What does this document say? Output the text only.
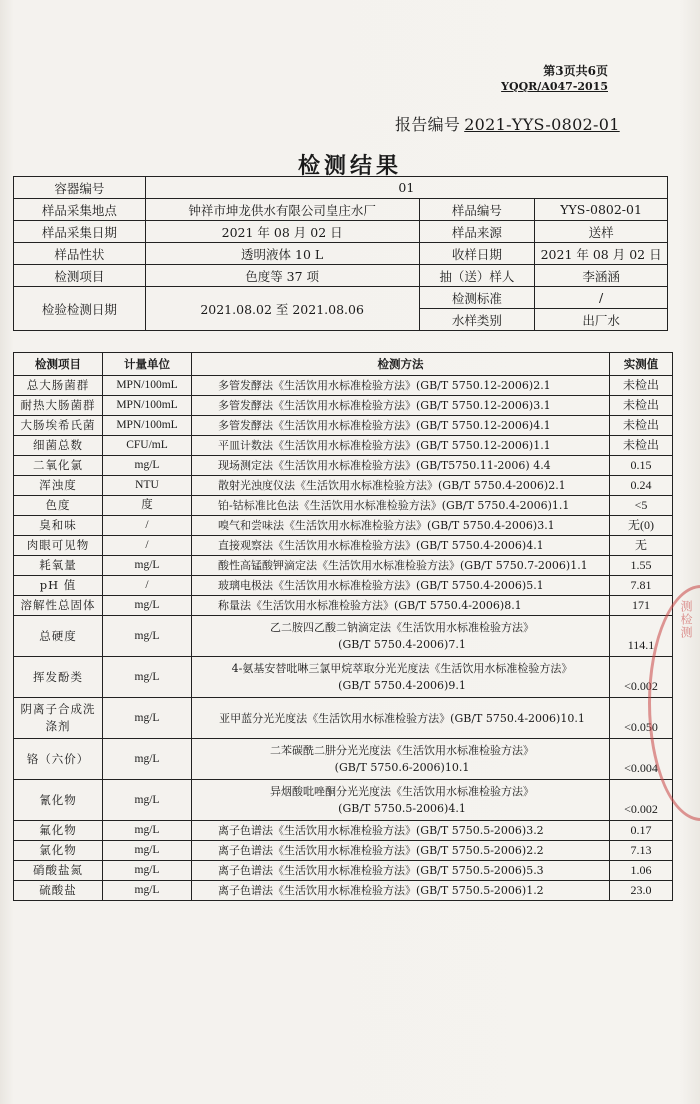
第3页共6页
YQQR/A047-2015
报告编号 2021-YYS-0802-01
检测结果
容器编号	01		
样品采集地点	钟祥市坤龙供水有限公司皇庄水厂	样品编号	YYS-0802-01
样品采集日期	2021 年 08 月 02 日	样品来源	送样
样品性状	透明液体 10 L	收样日期	2021 年 08 月 02 日
检测项目	色度等 37 项	抽（送）样人	李涵涵
检验检测日期	2021.08.02 至 2021.08.06	检测标准	/
		水样类别	出厂水
检测项目	计量单位	检测方法	实测值
总大肠菌群	MPN/100mL	多管发酵法《生活饮用水标准检验方法》(GB/T 5750.12-2006)2.1	未检出
耐热大肠菌群	MPN/100mL	多管发酵法《生活饮用水标准检验方法》(GB/T 5750.12-2006)3.1	未检出
大肠埃希氏菌	MPN/100mL	多管发酵法《生活饮用水标准检验方法》(GB/T 5750.12-2006)4.1	未检出
细菌总数	CFU/mL	平皿计数法《生活饮用水标准检验方法》(GB/T 5750.12-2006)1.1	未检出
二氧化氯	mg/L	现场测定法《生活饮用水标准检验方法》(GB/T5750.11-2006) 4.4	0.15
浑浊度	NTU	散射光浊度仪法《生活饮用水标准检验方法》(GB/T 5750.4-2006)2.1	0.24
色度	度	铂-钴标准比色法《生活饮用水标准检验方法》(GB/T 5750.4-2006)1.1	<5
臭和味	/	嗅气和尝味法《生活饮用水标准检验方法》(GB/T 5750.4-2006)3.1	无(0)
肉眼可见物	/	直接观察法《生活饮用水标准检验方法》(GB/T 5750.4-2006)4.1	无
耗氧量	mg/L	酸性高锰酸钾滴定法《生活饮用水标准检验方法》(GB/T 5750.7-2006)1.1	1.55
pH 值	/	玻璃电极法《生活饮用水标准检验方法》(GB/T 5750.4-2006)5.1	7.81
溶解性总固体	mg/L	称量法《生活饮用水标准检验方法》(GB/T 5750.4-2006)8.1	171
总硬度	mg/L	乙二胺四乙酸二钠滴定法《生活饮用水标准检验方法》
(GB/T 5750.4-2006)7.1	114.1
挥发酚类	mg/L	4-氨基安替吡啉三氯甲烷萃取分光光度法《生活饮用水标准检验方法》
(GB/T 5750.4-2006)9.1	<0.002
阴离子合成洗涤剂	mg/L	亚甲蓝分光光度法《生活饮用水标准检验方法》(GB/T 5750.4-2006)10.1	<0.050
铬（六价）	mg/L	二苯碳酰二肼分光光度法《生活饮用水标准检验方法》
(GB/T 5750.6-2006)10.1	<0.004
氰化物	mg/L	异烟酸吡唑酮分光光度法《生活饮用水标准检验方法》
(GB/T 5750.5-2006)4.1	<0.002
氟化物	mg/L	离子色谱法《生活饮用水标准检验方法》(GB/T 5750.5-2006)3.2	0.17
氯化物	mg/L	离子色谱法《生活饮用水标准检验方法》(GB/T 5750.5-2006)2.2	7.13
硝酸盐氮	mg/L	离子色谱法《生活饮用水标准检验方法》(GB/T 5750.5-2006)5.3	1.06
硫酸盐	mg/L	离子色谱法《生活饮用水标准检验方法》(GB/T 5750.5-2006)1.2	23.0
测检测
